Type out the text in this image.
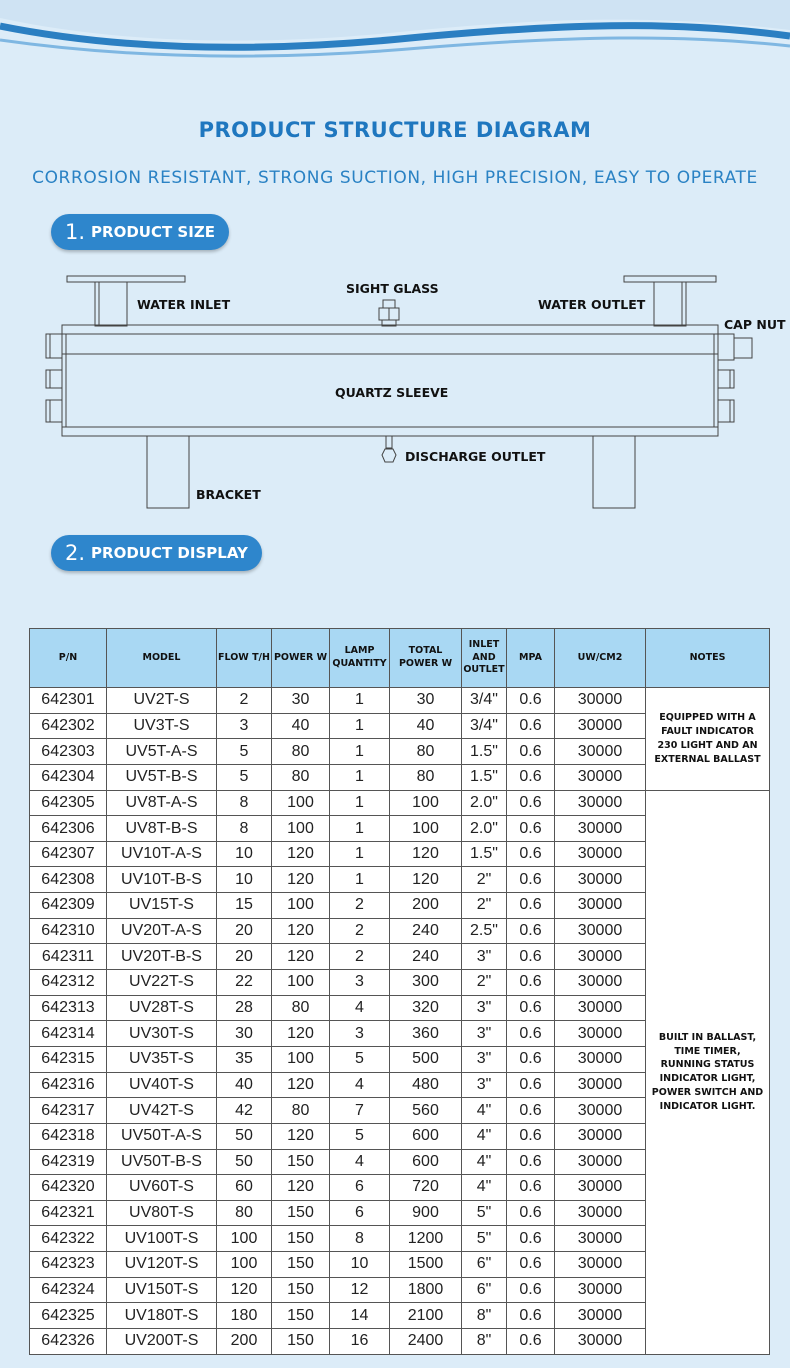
PRODUCT STRUCTURE DIAGRAM
CORROSION RESISTANT, STRONG SUCTION, HIGH PRECISION, EASY TO OPERATE
1. PRODUCT SIZE
WATER INLET
SIGHT GLASS
WATER OUTLET
CAP NUT
QUARTZ SLEEVE
DISCHARGE OUTLET
BRACKET
2. PRODUCT DISPLAY
P/N	MODEL	FLOW T/H	POWER W	LAMP QUANTITY	TOTAL POWER W	INLET AND OUTLET	MPA	UW/CM2	NOTES
642301	UV2T-S	2	30	1	30	3/4"	0.6	30000	EQUIPPED WITH A FAULT INDICATOR 230 LIGHT AND AN EXTERNAL BALLAST
642302	UV3T-S	3	40	1	40	3/4"	0.6	30000	
642303	UV5T-A-S	5	80	1	80	1.5"	0.6	30000	
642304	UV5T-B-S	5	80	1	80	1.5"	0.6	30000	
642305	UV8T-A-S	8	100	1	100	2.0"	0.6	30000	BUILT IN BALLAST, TIME TIMER, RUNNING STATUS INDICATOR LIGHT, POWER SWITCH AND INDICATOR LIGHT.
642306	UV8T-B-S	8	100	1	100	2.0"	0.6	30000	
642307	UV10T-A-S	10	120	1	120	1.5"	0.6	30000	
642308	UV10T-B-S	10	120	1	120	2"	0.6	30000	
642309	UV15T-S	15	100	2	200	2"	0.6	30000	
642310	UV20T-A-S	20	120	2	240	2.5"	0.6	30000	
642311	UV20T-B-S	20	120	2	240	3"	0.6	30000	
642312	UV22T-S	22	100	3	300	2"	0.6	30000	
642313	UV28T-S	28	80	4	320	3"	0.6	30000	
642314	UV30T-S	30	120	3	360	3"	0.6	30000	
642315	UV35T-S	35	100	5	500	3"	0.6	30000	
642316	UV40T-S	40	120	4	480	3"	0.6	30000	
642317	UV42T-S	42	80	7	560	4"	0.6	30000	
642318	UV50T-A-S	50	120	5	600	4"	0.6	30000	
642319	UV50T-B-S	50	150	4	600	4"	0.6	30000	
642320	UV60T-S	60	120	6	720	4"	0.6	30000	
642321	UV80T-S	80	150	6	900	5"	0.6	30000	
642322	UV100T-S	100	150	8	1200	5"	0.6	30000	
642323	UV120T-S	100	150	10	1500	6"	0.6	30000	
642324	UV150T-S	120	150	12	1800	6"	0.6	30000	
642325	UV180T-S	180	150	14	2100	8"	0.6	30000	
642326	UV200T-S	200	150	16	2400	8"	0.6	30000	
